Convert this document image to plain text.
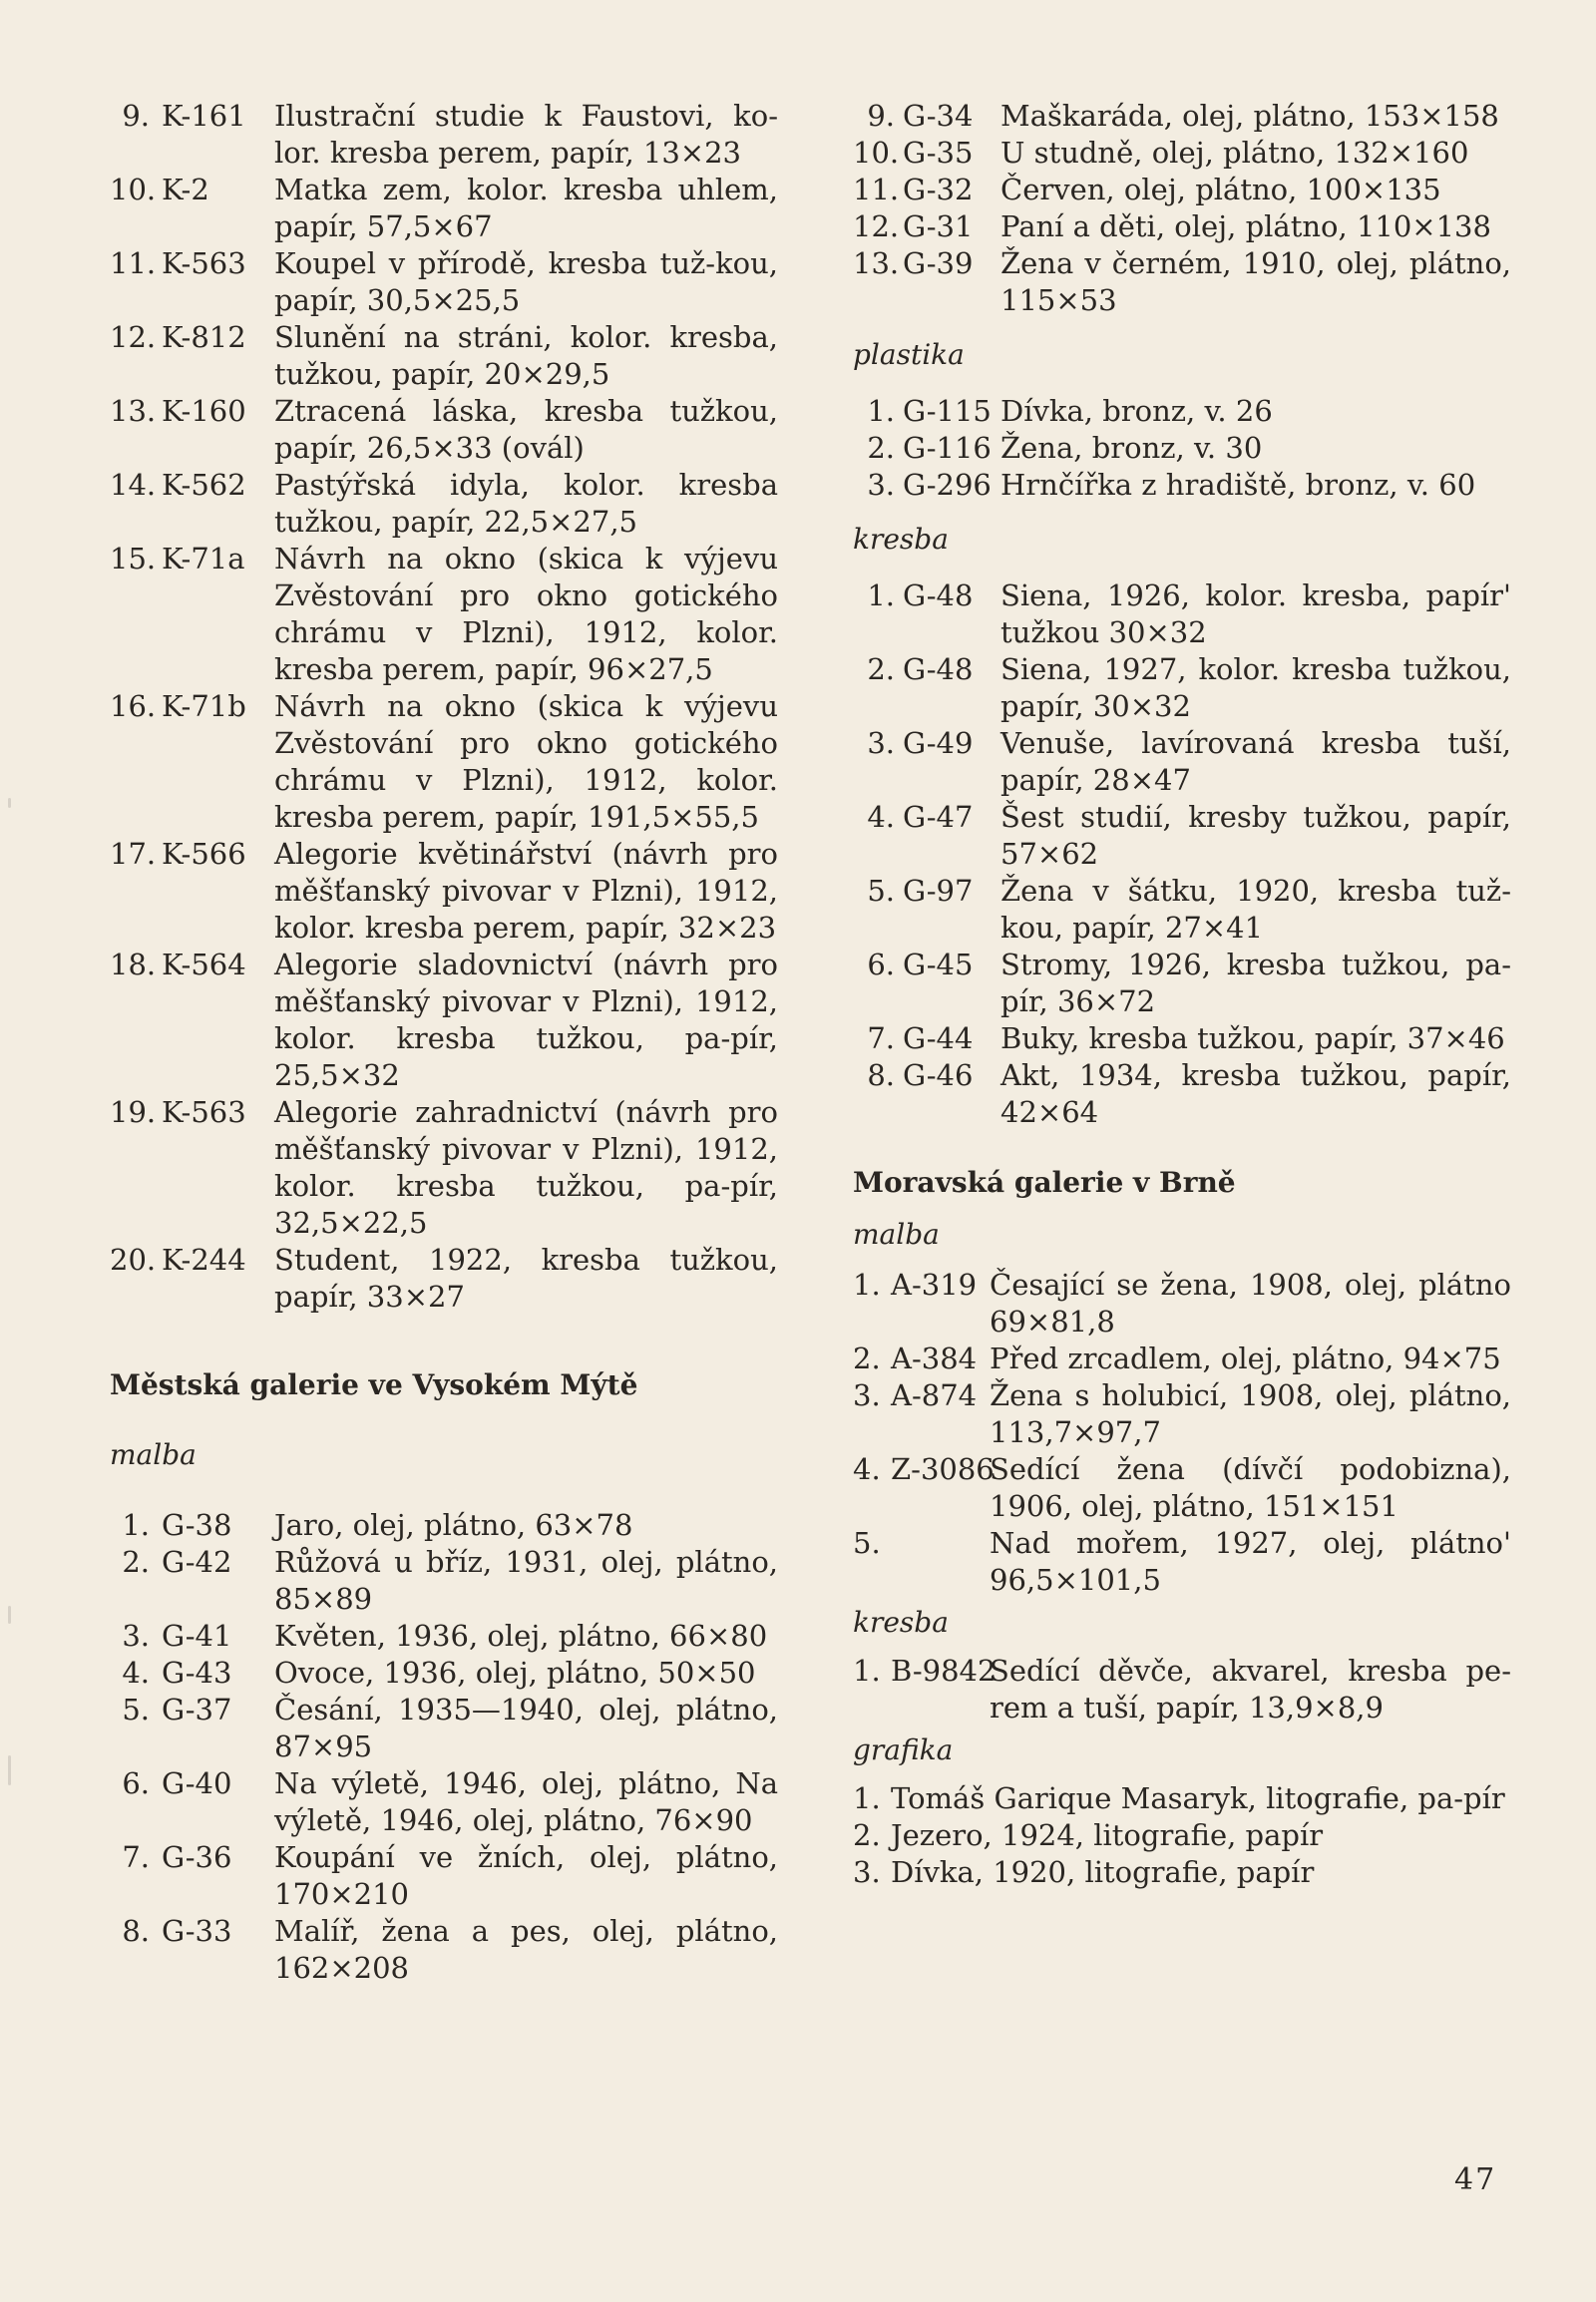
9. K-161 Ilustrační studie k Faustovi, ko-lor. kresba perem, papír, 13×23

10. K-2 Matka zem, kolor. kresba uhlem, papír, 57,5×67

11. K-563 Koupel v přírodě, kresba tuž-kou, papír, 30,5×25,5

12. K-812 Slunění na stráni, kolor. kresba, tužkou, papír, 20×29,5

13. K-160 Ztracená láska, kresba tužkou, papír, 26,5×33 (ovál)

14. K-562 Pastýřská idyla, kolor. kresba tužkou, papír, 22,5×27,5

15. K-71a Návrh na okno (skica k výjevu Zvěstování pro okno gotického chrámu v Plzni), 1912, kolor. kresba perem, papír, 96×27,5

16. K-71b Návrh na okno (skica k výjevu Zvěstování pro okno gotického chrámu v Plzni), 1912, kolor. kresba perem, papír, 191,5×55,5

17. K-566 Alegorie květinářství (návrh pro měšťanský pivovar v Plzni), 1912, kolor. kresba perem, papír, 32×23

18. K-564 Alegorie sladovnictví (návrh pro měšťanský pivovar v Plzni), 1912, kolor. kresba tužkou, pa-pír, 25,5×32

19. K-563 Alegorie zahradnictví (návrh pro měšťanský pivovar v Plzni), 1912, kolor. kresba tužkou, pa-pír, 32,5×22,5

20. K-244 Student, 1922, kresba tužkou, papír, 33×27

Městská galerie ve Vysokém Mýtě

malba

1. G-38 Jaro, olej, plátno, 63×78

2. G-42 Růžová u bříz, 1931, olej, plátno, 85×89

3. G-41 Květen, 1936, olej, plátno, 66×80

4. G-43 Ovoce, 1936, olej, plátno, 50×50

5. G-37 Česání, 1935—1940, olej, plátno, 87×95

6. G-40 Na výletě, 1946, olej, plátno, Na výletě, 1946, olej, plátno, 76×90

7. G-36 Koupání ve žních, olej, plátno, 170×210

8. G-33 Malíř, žena a pes, olej, plátno, 162×208

9. G-34 Maškaráda, olej, plátno, 153×158

10. G-35 U studně, olej, plátno, 132×160

11. G-32 Červen, olej, plátno, 100×135

12. G-31 Paní a děti, olej, plátno, 110×138

13. G-39 Žena v černém, 1910, olej, plátno, 115×53

plastika

1. G-115 Dívka, bronz, v. 26

2. G-116 Žena, bronz, v. 30

3. G-296 Hrnčířka z hradiště, bronz, v. 60

kresba

1. G-48 Siena, 1926, kolor. kresba, papír' tužkou 30×32

2. G-48 Siena, 1927, kolor. kresba tužkou, papír, 30×32

3. G-49 Venuše, lavírovaná kresba tuší, papír, 28×47

4. G-47 Šest studií, kresby tužkou, papír, 57×62

5. G-97 Žena v šátku, 1920, kresba tuž-kou, papír, 27×41

6. G-45 Stromy, 1926, kresba tužkou, pa-pír, 36×72

7. G-44 Buky, kresba tužkou, papír, 37×46

8. G-46 Akt, 1934, kresba tužkou, papír, 42×64

Moravská galerie v Brně

malba

1. A-319 Česající se žena, 1908, olej, plátno 69×81,8

2. A-384 Před zrcadlem, olej, plátno, 94×75

3. A-874 Žena s holubicí, 1908, olej, plátno, 113,7×97,7

4. Z-3086
Sedící žena (dívčí podobizna), 1906, olej, plátno, 151×151

5.	Nad mořem, 1927, olej, plátno' 96,5×101,5

kresba

1. B-9842
Sedící děvče, akvarel, kresba pe-rem a tuší, papír, 13,9×8,9

grafika

1. Tomáš Garique Masaryk, litografie, pa-pír

2. Jezero, 1924, litografie, papír

3. Dívka, 1920, litografie, papír

47
